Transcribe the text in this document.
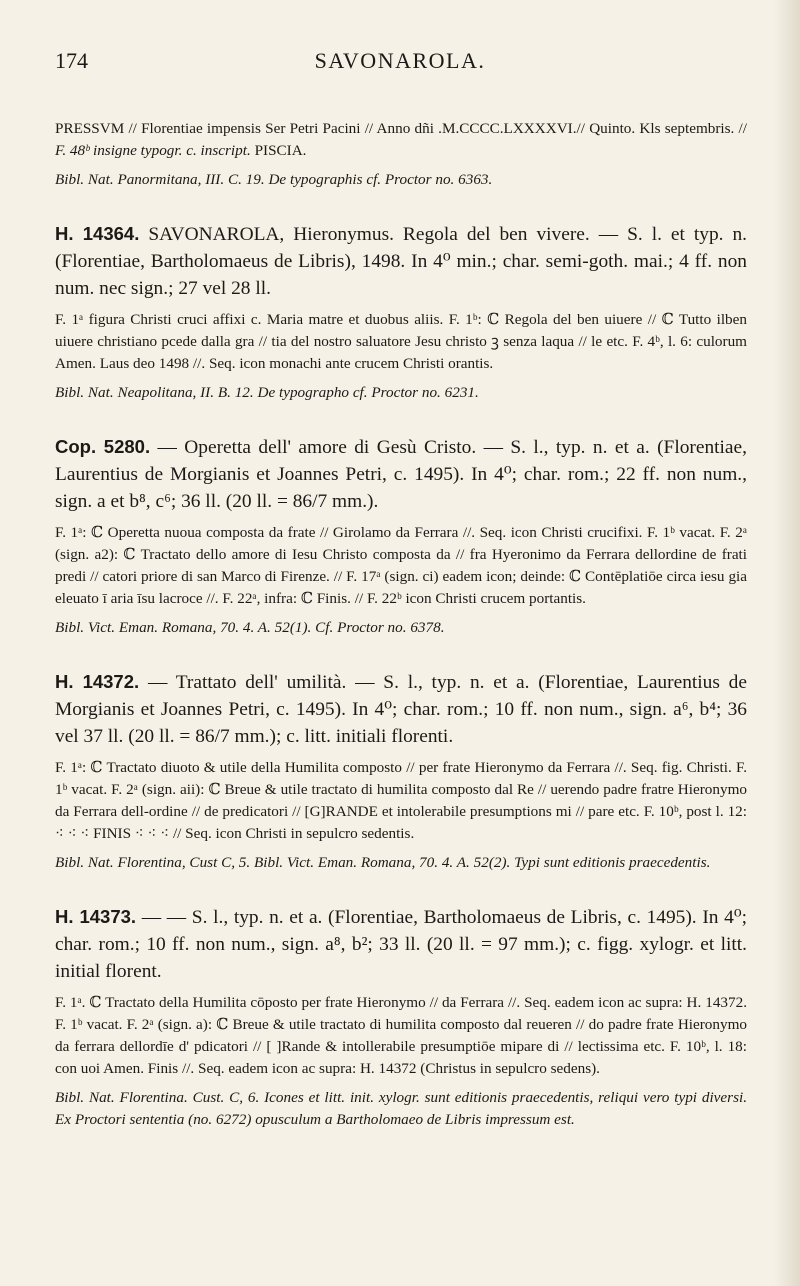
174	SAVONAROLA.

PRESSVM // Florentiae impensis Ser Petri Pacini // Anno dñi .M.CCCC.LXXXXVI.// Quinto. Kls septembris. // F. 48ᵇ insigne typogr. c. inscript. PISCIA.

Bibl. Nat. Panormitana, III. C. 19. De typographis cf. Proctor no. 6363.

H. 14364. SAVONAROLA, Hieronymus. Regola del ben vivere. — S. l. et typ. n. (Florentiae, Bartholomaeus de Libris), 1498. In 4⁰ min.; char. semi-goth. mai.; 4 ff. non num. nec sign.; 27 vel 28 ll.

F. 1ᵃ figura Christi cruci affixi c. Maria matre et duobus aliis. F. 1ᵇ: ℂ Regola del ben uiuere // ℂ Tutto ilben uiuere christiano pcede dalla gra // tia del nostro saluatore Jesu christo ꝫ senza laqua // le etc. F. 4ᵇ, l. 6: culorum Amen. Laus deo 1498 //. Seq. icon monachi ante crucem Christi orantis.

Bibl. Nat. Neapolitana, II. B. 12. De typographo cf. Proctor no. 6231.

Cop. 5280. — Operetta dell' amore di Gesù Cristo. — S. l., typ. n. et a. (Florentiae, Laurentius de Morgianis et Joannes Petri, c. 1495). In 4⁰; char. rom.; 22 ff. non num., sign. a et b⁸, c⁶; 36 ll. (20 ll. = 86/7 mm.).

F. 1ᵃ: ℂ Operetta nuoua composta da frate // Girolamo da Ferrara //. Seq. icon Christi crucifixi. F. 1ᵇ vacat. F. 2ᵃ (sign. a2): ℂ Tractato dello amore di Iesu Christo composta da // fra Hyeronimo da Ferrara dellordine de frati predi // catori priore di san Marco di Firenze. // F. 17ᵃ (sign. ci) eadem icon; deinde: ℂ Contēplatiōe circa iesu gia eleuato ī aria īsu lacroce //. F. 22ᵃ, infra: ℂ Finis. // F. 22ᵇ icon Christi crucem portantis.

Bibl. Vict. Eman. Romana, 70. 4. A. 52(1). Cf. Proctor no. 6378.

H. 14372. — Trattato dell' umilità. — S. l., typ. n. et a. (Florentiae, Laurentius de Morgianis et Joannes Petri, c. 1495). In 4⁰; char. rom.; 10 ff. non num., sign. a⁶, b⁴; 36 vel 37 ll. (20 ll. = 86/7 mm.); c. litt. initiali florenti.

F. 1ᵃ: ℂ Tractato diuoto & utile della Humilita composto // per frate Hieronymo da Ferrara //. Seq. fig. Christi. F. 1ᵇ vacat. F. 2ᵃ (sign. aii): ℂ Breue & utile tractato di humilita composto dal Re // uerendo padre fratre Hieronymo da Ferrara dell-ordine // de predicatori // [G]RANDE et intolerabile presumptions mi // pare etc. F. 10ᵇ, post l. 12: ⁖ ⁖ ⁖ FINIS ⁖ ⁖ ⁖ // Seq. icon Christi in sepulcro sedentis.

Bibl. Nat. Florentina, Cust C, 5. Bibl. Vict. Eman. Romana, 70. 4. A. 52(2). Typi sunt editionis praecedentis.

H. 14373. — — S. l., typ. n. et a. (Florentiae, Bartholomaeus de Libris, c. 1495). In 4⁰; char. rom.; 10 ff. non num., sign. a⁸, b²; 33 ll. (20 ll. = 97 mm.); c. figg. xylogr. et litt. initial florent.

F. 1ᵃ. ℂ Tractato della Humilita cōposto per frate Hieronymo // da Ferrara //. Seq. eadem icon ac supra: H. 14372. F. 1ᵇ vacat. F. 2ᵃ (sign. a): ℂ Breue & utile tractato di humilita composto dal reueren // do padre frate Hieronymo da ferrara dellordīe d' pdicatori // [ ]Rande & intollerabile presumptiōe mipare di // lectissima etc. F. 10ᵇ, l. 18: con uoi Amen. Finis //. Seq. eadem icon ac supra: H. 14372 (Christus in sepulcro sedens).

Bibl. Nat. Florentina. Cust. C, 6. Icones et litt. init. xylogr. sunt editionis praecedentis, reliqui vero typi diversi. Ex Proctori sententia (no. 6272) opusculum a Bartholomaeo de Libris impressum est.
